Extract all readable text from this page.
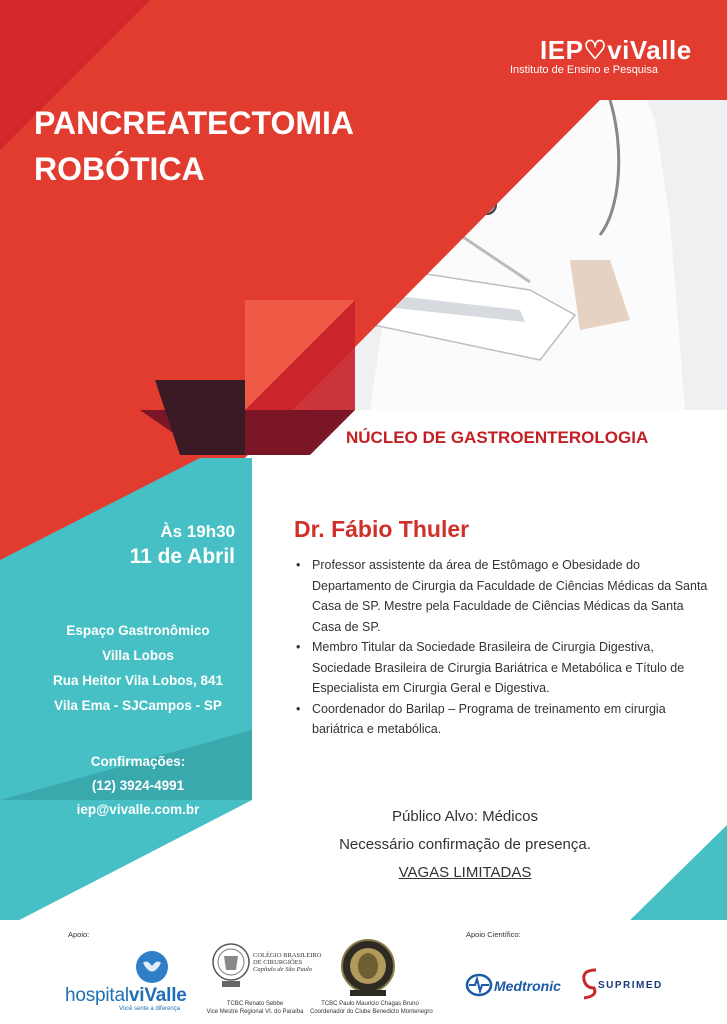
IEP♡viValle
Instituto de Ensino e Pesquisa
PANCREATECTOMIA
ROBÓTICA
NÚCLEO DE GASTROENTEROLOGIA
Dr. Fábio Thuler
• Professor assistente da área de Estômago e Obesidade do Departamento de Cirurgia da Faculdade de Ciências Médicas da Santa Casa de SP. Mestre pela Faculdade de Ciências Médicas da Santa Casa de SP.
• Membro Titular da Sociedade Brasileira de Cirurgia Digestiva, Sociedade Brasileira de Cirurgia Bariátrica e Metabólica e Título de Especialista em Cirurgia Geral e Digestiva.
• Coordenador do Barilap – Programa de treinamento em cirurgia bariátrica e metabólica.
Às 19h30
11 de Abril
Espaço Gastronômico
Villa Lobos
Rua Heitor Vila Lobos, 841
Vila Ema - SJCampos - SP
Confirmações:
(12) 3924-4991
iep@vivalle.com.br	Público Alvo: Médicos
Necessário confirmação de presença.
VAGAS LIMITADAS
Apoio:	Apoio Científico:
hospitalviValle
Você sente a diferença
COLÉGIO BRASILEIRO
DE CIRURGIÕES
Capítulo de São Paulo
TCBC Renato Sebbe
Vice Mestre Regional VI. do Paraíba
TCBC Paulo Mauricio Chagas Bruno
Coordenador do Clube Benedicto Montenegro
Medtronic	SUPRIMED
